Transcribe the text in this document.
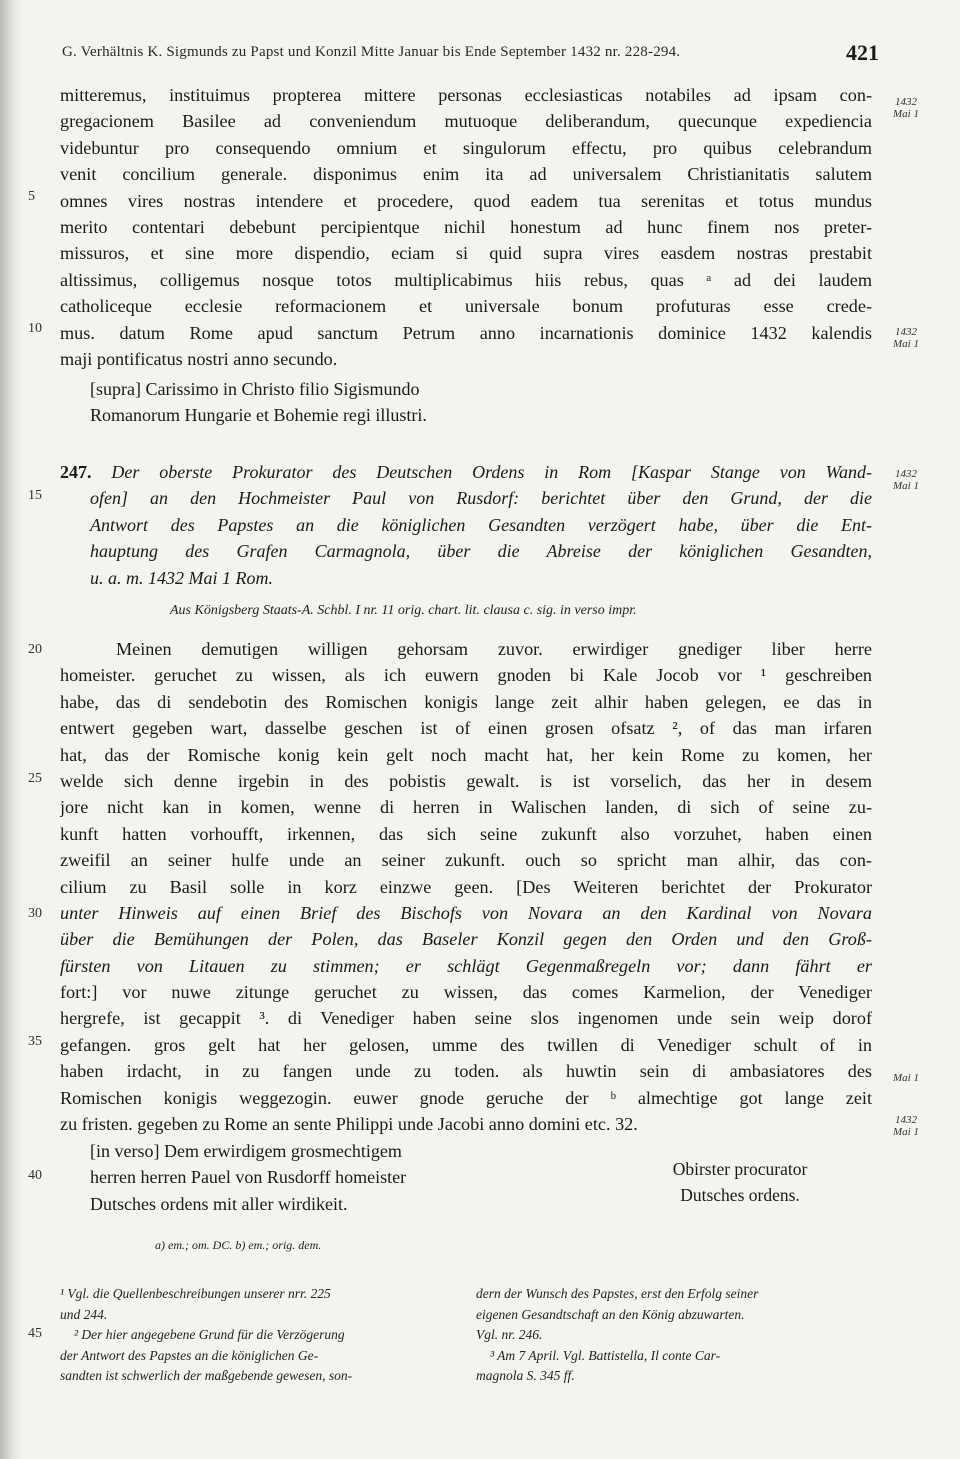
G. Verhältnis K. Sigmunds zu Papst und Konzil Mitte Januar bis Ende September 1432 nr. 228-294.	421
mitteremus, instituimus propterea mittere personas ecclesiasticas notabiles ad ipsam con-
gregacionem Basilee ad conveniendum mutuoque deliberandum, quecunque expediencia
videbuntur pro consequendo omnium et singulorum effectu, pro quibus celebrandum
venit concilium generale. disponimus enim ita ad universalem Christianitatis salutem
omnes vires nostras intendere et procedere, quod eadem tua serenitas et totus mundus
merito contentari debebunt percipientque nichil honestum ad hunc finem nos preter-
missuros, et sine more dispendio, eciam si quid supra vires easdem nostras prestabit
altissimus, colligemus nosque totos multiplicabimus hiis rebus, quas ᵃ ad dei laudem
catholiceque ecclesie reformacionem et universale bonum profuturas esse crede-
mus. datum Rome apud sanctum Petrum anno incarnationis dominice 1432 kalendis
maji pontificatus nostri anno secundo.
[supra] Carissimo in Christo filio Sigismundo
Romanorum Hungarie et Bohemie regi illustri.
247. Der oberste Prokurator des Deutschen Ordens in Rom [Kaspar Stange von Wand-
ofen] an den Hochmeister Paul von Rusdorf: berichtet über den Grund, der die
Antwort des Papstes an die königlichen Gesandten verzögert habe, über die Ent-
hauptung des Grafen Carmagnola, über die Abreise der königlichen Gesandten,
u. a. m. 1432 Mai 1 Rom.
Aus Königsberg Staats-A. Schbl. I nr. 11 orig. chart. lit. clausa c. sig. in verso impr.
Meinen demutigen willigen gehorsam zuvor. erwirdiger gnediger liber herre
homeister. geruchet zu wissen, als ich euwern gnoden bi Kale Jocob vor ¹ geschreiben
habe, das di sendebotin des Romischen konigis lange zeit alhir haben gelegen, ee das in
entwert gegeben wart, dasselbe geschen ist of einen grosen ofsatz ², of das man irfaren
hat, das der Romische konig kein gelt noch macht hat, her kein Rome zu komen, her
welde sich denne irgebin in des pobistis gewalt. is ist vorselich, das her in desem
jore nicht kan in komen, wenne di herren in Walischen landen, di sich of seine zu-
kunft hatten vorhoufft, irkennen, das sich seine zukunft also vorzuhet, haben einen
zweifil an seiner hulfe unde an seiner zukunft. ouch so spricht man alhir, das con-
cilium zu Basil solle in korz einzwe geen. [Des Weiteren berichtet der Prokurator
unter Hinweis auf einen Brief des Bischofs von Novara an den Kardinal von Novara
über die Bemühungen der Polen, das Baseler Konzil gegen den Orden und den Groß-
fürsten von Litauen zu stimmen; er schlägt Gegenmaßregeln vor; dann fährt er
fort:] vor nuwe zitunge geruchet zu wissen, das comes Karmelion, der Venediger
hergrefe, ist gecappit ³. di Venediger haben seine slos ingenomen unde sein weip dorof
gefangen. gros gelt hat her gelosen, umme des twillen di Venediger schult of in
haben irdacht, in zu fangen unde zu toden. als huwtin sein di ambasiatores des
Romischen konigis weggezogin. euwer gnode geruche der ᵇ almechtige got lange zeit
zu fristen. gegeben zu Rome an sente Philippi unde Jacobi anno domini etc. 32.
[in verso] Dem erwirdigem grosmechtigem
herren herren Pauel von Rusdorff homeister
Dutsches ordens mit aller wirdikeit.
Obirster procurator
Dutsches ordens.
a) em.; om. DC. b) em.; orig. dem.
5
10
15
20
25
30
35
40
45
1432
Mai 1
1432
Mai 1
1432
Mai 1
Mai 1
1432
Mai 1
¹ Vgl. die Quellenbeschreibungen unserer nrr. 225
und 244.
² Der hier angegebene Grund für die Verzögerung
der Antwort des Papstes an die königlichen Ge-
sandten ist schwerlich der maßgebende gewesen, son-
dern der Wunsch des Papstes, erst den Erfolg seiner
eigenen Gesandtschaft an den König abzuwarten.
Vgl. nr. 246.
³ Am 7 April. Vgl. Battistella, Il conte Car-
magnola S. 345 ff.
